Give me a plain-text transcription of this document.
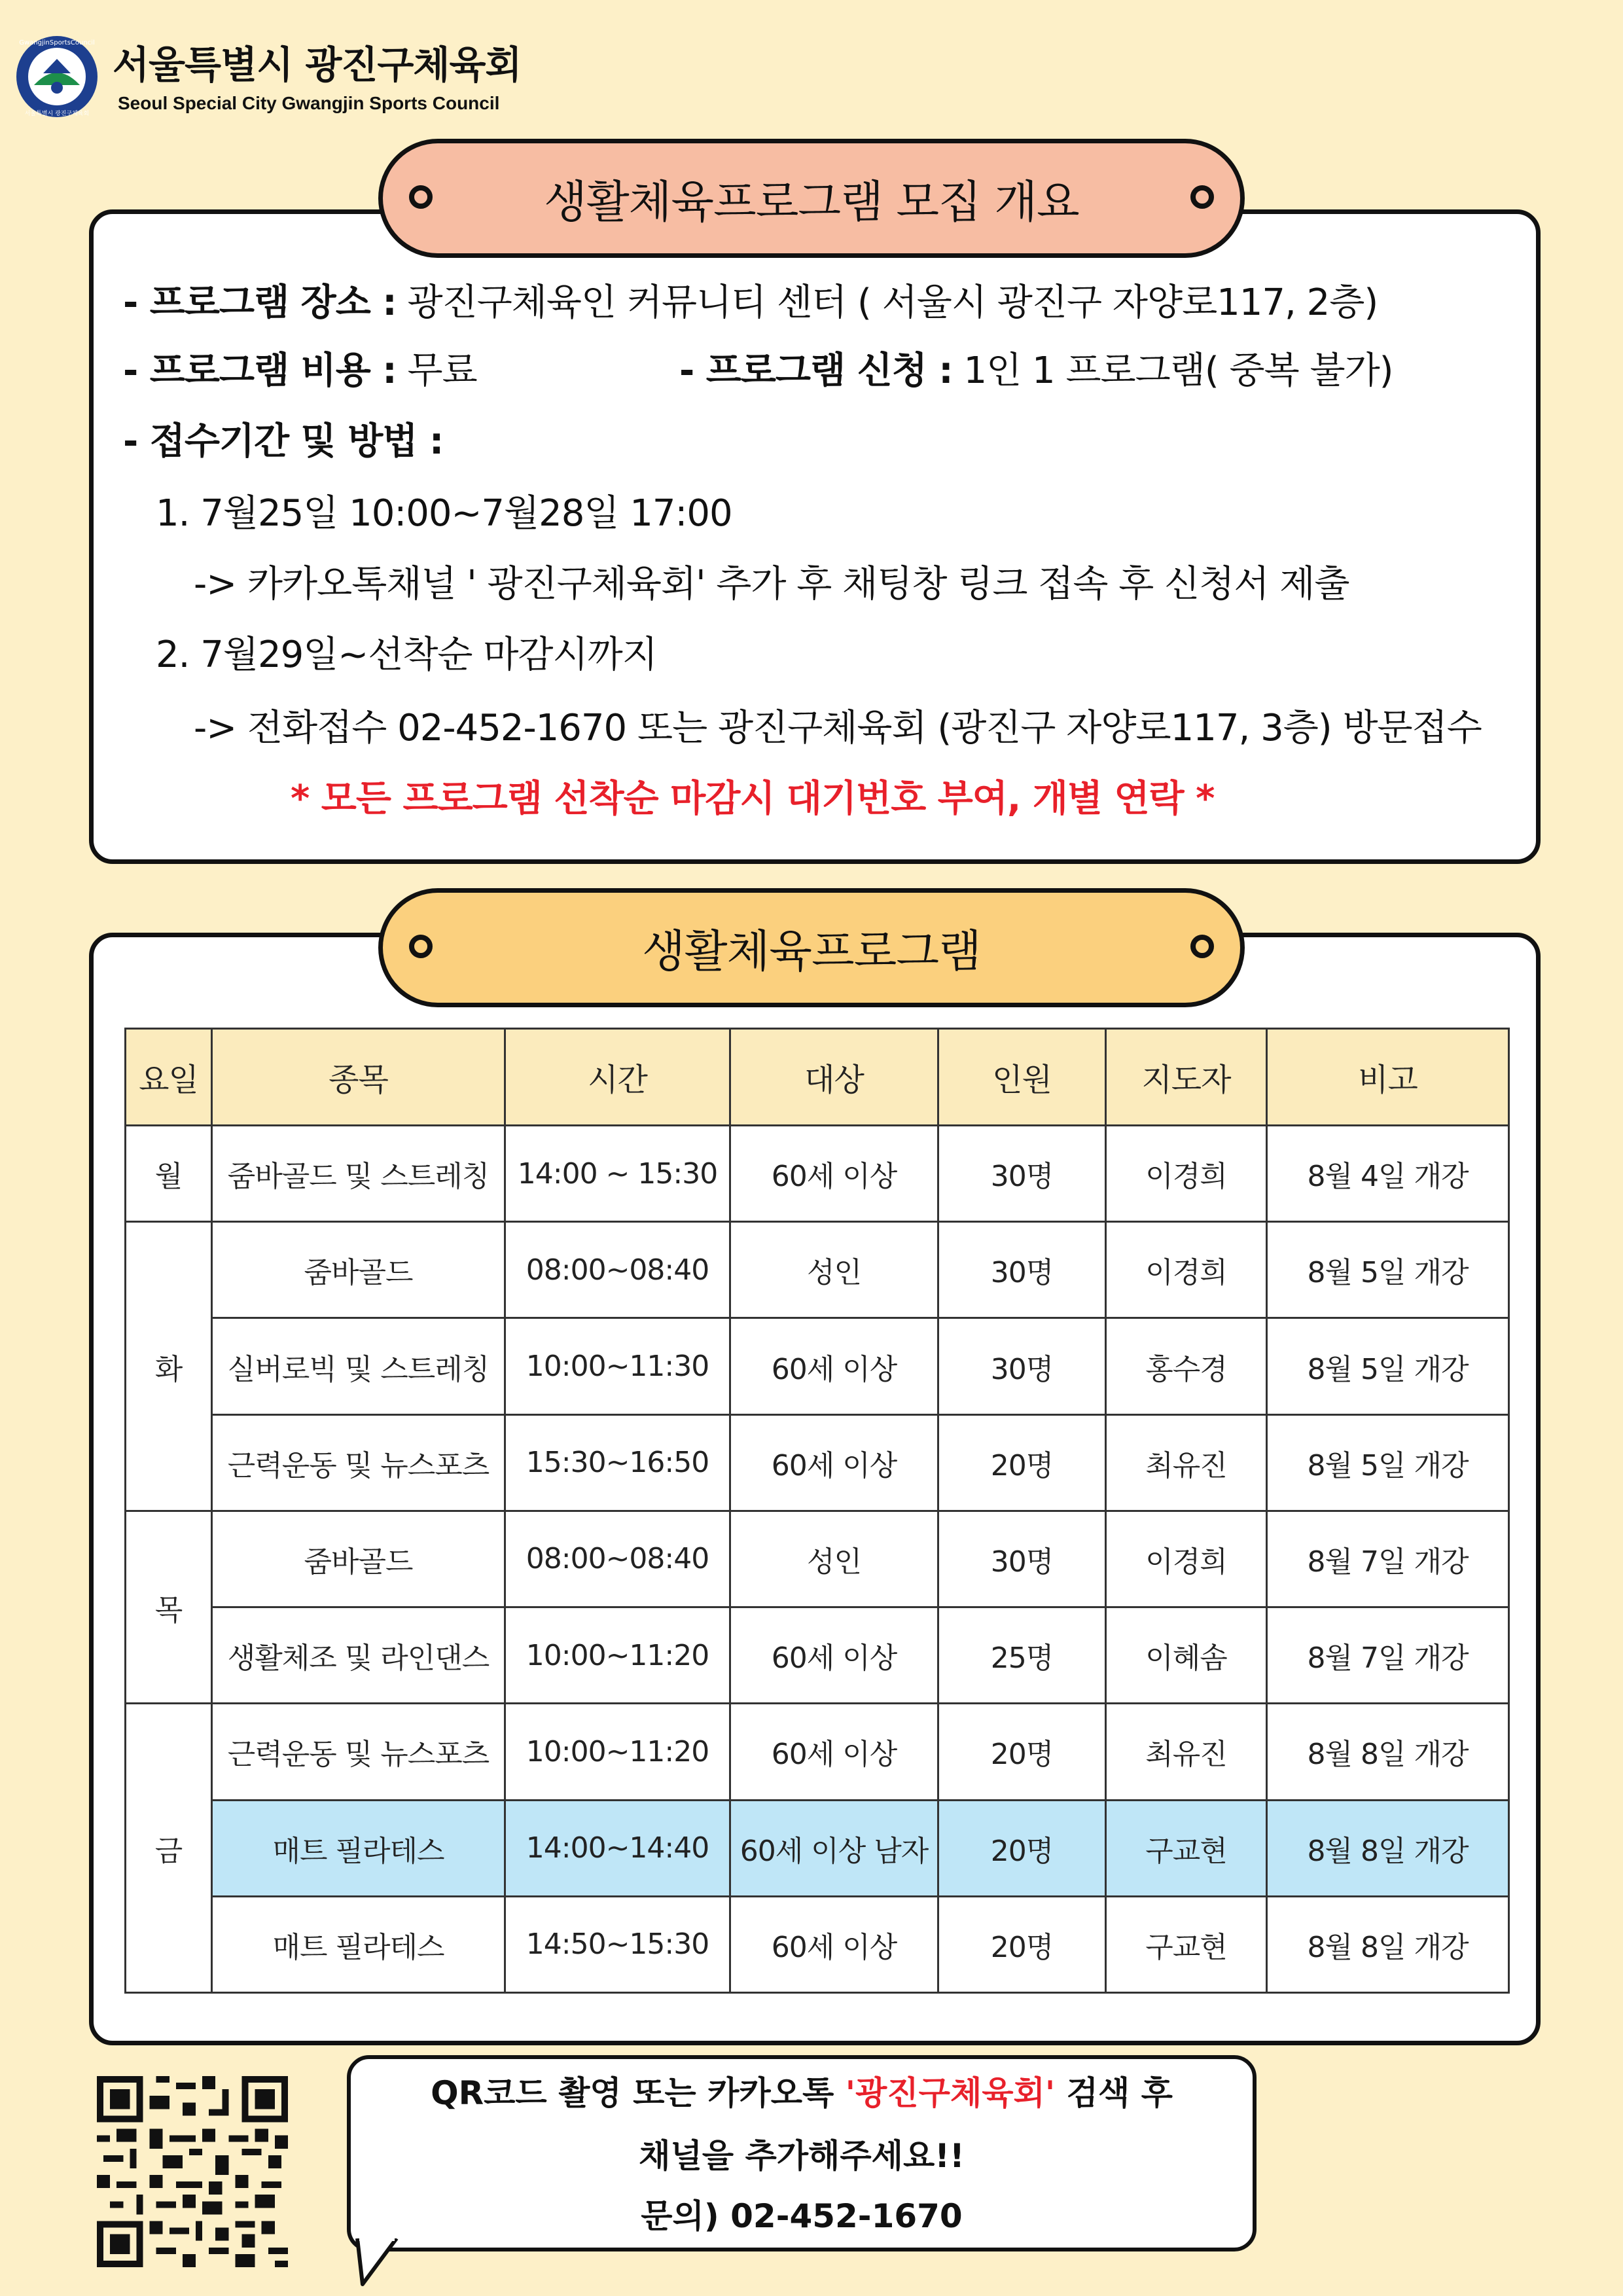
GwangjinSportsCouncil
서울특별시 광진구체육회
서울특별시 광진구체육회
Seoul Special City Gwangjin Sports Council
생활체육프로그램 모집 개요
- 프로그램 장소 : 광진구체육인 커뮤니티 센터 ( 서울시 광진구 자양로117, 2층)
- 프로그램 비용 : 무료	- 프로그램 신청 : 1인 1 프로그램( 중복 불가)
- 접수기간 및 방법 :
1. 7월25일 10:00~7월28일 17:00
-> 카카오톡채널 ' 광진구체육회' 추가 후 채팅창 링크 접속 후 신청서 제출
2. 7월29일~선착순 마감시까지
-> 전화접수 02-452-1670 또는 광진구체육회 (광진구 자양로117, 3층) 방문접수
* 모든 프로그램 선착순 마감시 대기번호 부여, 개별 연락 *
생활체육프로그램
요일	종목	시간	대상	인원	지도자	비고
월	줌바골드 및 스트레칭	14:00 ~ 15:30	60세 이상	30명	이경희	8월 4일 개강
화	줌바골드	08:00~08:40	성인	30명	이경희	8월 5일 개강
	실버로빅 및 스트레칭	10:00~11:30	60세 이상	30명	홍수경	8월 5일 개강
	근력운동 및 뉴스포츠	15:30~16:50	60세 이상	20명	최유진	8월 5일 개강
목	줌바골드	08:00~08:40	성인	30명	이경희	8월 7일 개강
	생활체조 및 라인댄스	10:00~11:20	60세 이상	25명	이혜솜	8월 7일 개강
금	근력운동 및 뉴스포츠	10:00~11:20	60세 이상	20명	최유진	8월 8일 개강
	매트 필라테스	14:00~14:40	60세 이상 남자	20명	구교현	8월 8일 개강
	매트 필라테스	14:50~15:30	60세 이상	20명	구교현	8월 8일 개강
QR코드 촬영 또는 카카오톡 '광진구체육회' 검색 후
채널을 추가해주세요!!
문의) 02-452-1670
